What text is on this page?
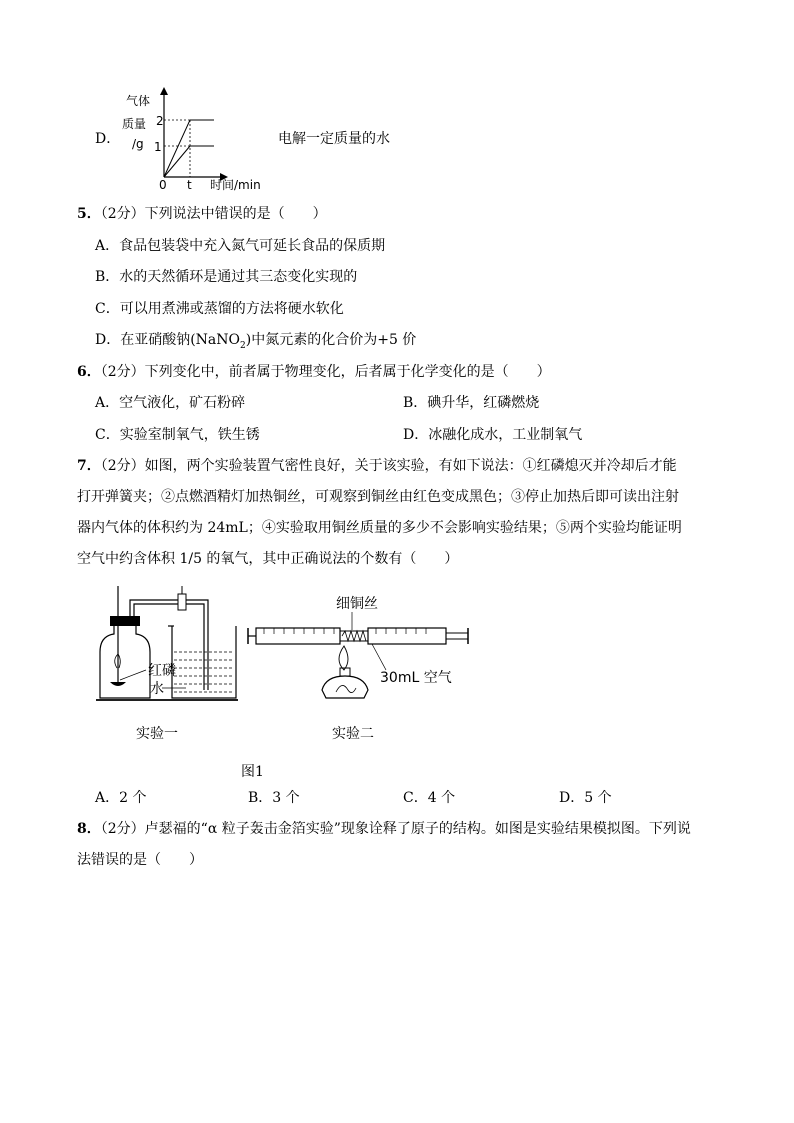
D．
气体
质量
/g
2
1
0 t 时间/min
电解一定质量的水
5．（2分）下列说法中错误的是（　　）
A．食品包装袋中充入氮气可延长食品的保质期
B．水的天然循环是通过其三态变化实现的
C．可以用煮沸或蒸馏的方法将硬水软化
D．在亚硝酸钠(NaNO$_2$)中氮元素的化合价为+5 价
6．（2分）下列变化中，前者属于物理变化，后者属于化学变化的是（　　）
A．空气液化，矿石粉碎	B．碘升华，红磷燃烧
C．实验室制氧气，铁生锈	D．冰融化成水，工业制氧气
7．（2分）如图，两个实验装置气密性良好，关于该实验，有如下说法：①红磷熄灭并冷却后才能
打开弹簧夹；②点燃酒精灯加热铜丝，可观察到铜丝由红色变成黑色；③停止加热后即可读出注射
器内气体的体积约为 24mL；④实验取用铜丝质量的多少不会影响实验结果；⑤两个实验均能证明
空气中约含体积 1/5 的氧气，其中正确说法的个数有（　　）
红磷
水
细铜丝
30mL 空气
实验一	实验二
图1
A．2 个	B．3 个	C．4 个	D．5 个
8．（2分）卢瑟福的“α 粒子轰击金箔实验”现象诠释了原子的结构。如图是实验结果模拟图。下列说
法错误的是（　　）
